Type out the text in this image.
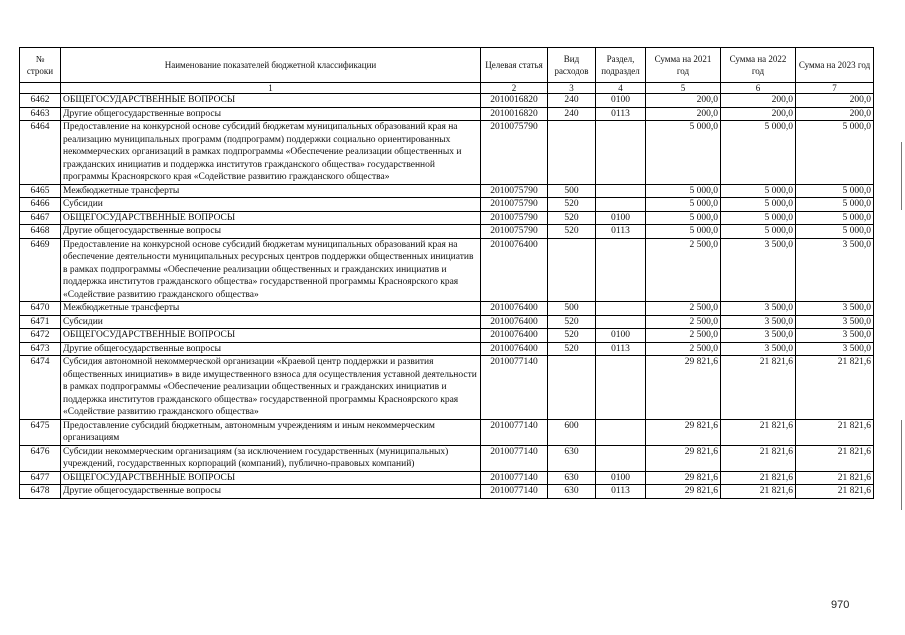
№ строки	Наименование показателей бюджетной классификации	Целевая статья	Вид расходов	Раздел, подраздел	Сумма на 2021 год	Сумма на 2022 год	Сумма на 2023 год
	1	2	3	4	5	6	7
6462	ОБЩЕГОСУДАРСТВЕННЫЕ ВОПРОСЫ	2010016820	240	0100	200,0	200,0	200,0
6463	Другие общегосударственные вопросы	2010016820	240	0113	200,0	200,0	200,0
6464	Предоставление на конкурсной основе субсидий бюджетам муниципальных образований края на реализацию муниципальных программ (подпрограмм) поддержки социально ориентированных некоммерческих организаций в рамках подпрограммы «Обеспечение реализации общественных и гражданских инициатив и поддержка институтов гражданского общества» государственной программы Красноярского края «Содействие развитию гражданского общества»	2010075790			5 000,0	5 000,0	5 000,0
6465	Межбюджетные трансферты	2010075790	500		5 000,0	5 000,0	5 000,0
6466	Субсидии	2010075790	520		5 000,0	5 000,0	5 000,0
6467	ОБЩЕГОСУДАРСТВЕННЫЕ ВОПРОСЫ	2010075790	520	0100	5 000,0	5 000,0	5 000,0
6468	Другие общегосударственные вопросы	2010075790	520	0113	5 000,0	5 000,0	5 000,0
6469	Предоставление на конкурсной основе субсидий бюджетам муниципальных образований края на обеспечение деятельности муниципальных ресурсных центров поддержки общественных инициатив в рамках подпрограммы «Обеспечение реализации общественных и гражданских инициатив и поддержка институтов гражданского общества» государственной программы Красноярского края «Содействие развитию гражданского общества»	2010076400			2 500,0	3 500,0	3 500,0
6470	Межбюджетные трансферты	2010076400	500		2 500,0	3 500,0	3 500,0
6471	Субсидии	2010076400	520		2 500,0	3 500,0	3 500,0
6472	ОБЩЕГОСУДАРСТВЕННЫЕ ВОПРОСЫ	2010076400	520	0100	2 500,0	3 500,0	3 500,0
6473	Другие общегосударственные вопросы	2010076400	520	0113	2 500,0	3 500,0	3 500,0
6474	Субсидия автономной некоммерческой организации «Краевой центр поддержки и развития общественных инициатив» в виде имущественного взноса для осуществления уставной деятельности в рамках подпрограммы «Обеспечение реализации общественных и гражданских инициатив и поддержка институтов гражданского общества» государственной программы Красноярского края «Содействие развитию гражданского общества»	2010077140			29 821,6	21 821,6	21 821,6
6475	Предоставление субсидий бюджетным, автономным учреждениям и иным некоммерческим организациям	2010077140	600		29 821,6	21 821,6	21 821,6
6476	Субсидии некоммерческим организациям (за исключением государственных (муниципальных) учреждений, государственных корпораций (компаний), публично-правовых компаний)	2010077140	630		29 821,6	21 821,6	21 821,6
6477	ОБЩЕГОСУДАРСТВЕННЫЕ ВОПРОСЫ	2010077140	630	0100	29 821,6	21 821,6	21 821,6
6478	Другие общегосударственные вопросы	2010077140	630	0113	29 821,6	21 821,6	21 821,6
970
